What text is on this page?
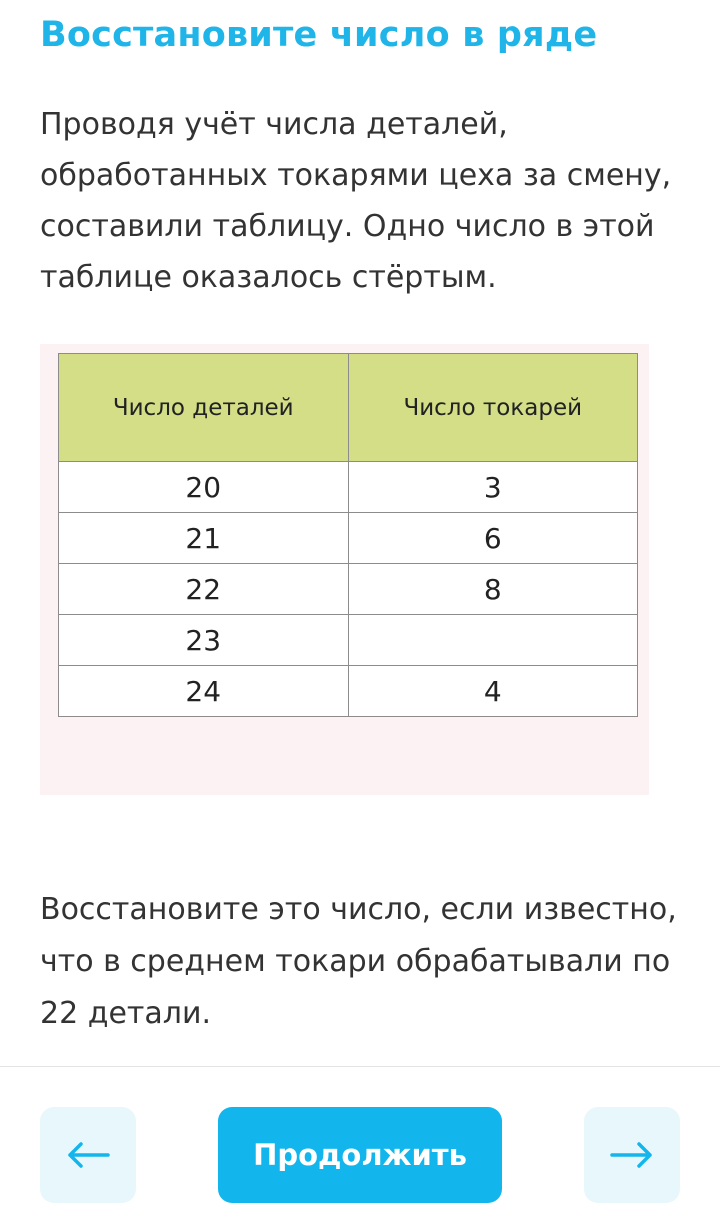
Восстановите число в ряде

Проводя учёт числа деталей, обработанных токарями цеха за смену, составили таблицу. Одно число в этой таблице оказалось стёртым.

Число деталей	Число токарей
20	3
21	6
22	8
23	
24	4

Восстановите это число, если известно, что в среднем токари обрабатывали по 22 детали.

Продолжить
